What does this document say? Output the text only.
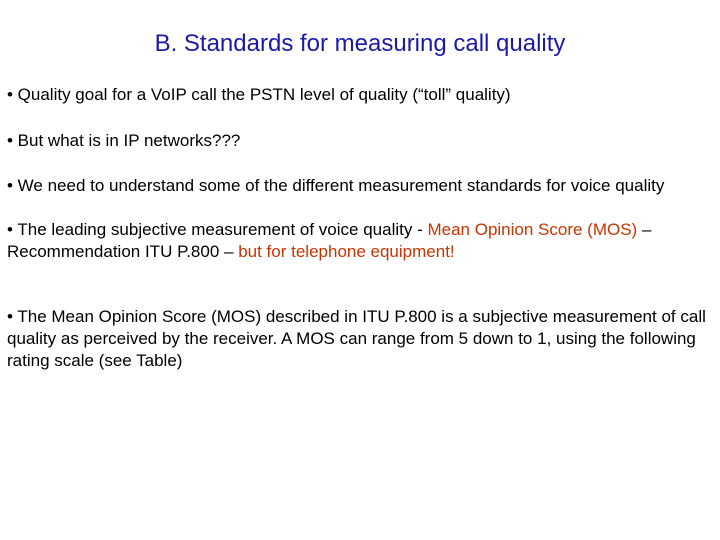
B. Standards for measuring call quality

• Quality goal for a VoIP call the PSTN level of quality (“toll” quality)

• But what is in IP networks???

• We need to understand some of the different measurement standards for voice quality

• The leading subjective measurement of voice quality - Mean Opinion Score (MOS) – Recommendation ITU P.800 – but for telephone equipment!

• The Mean Opinion Score (MOS) described in ITU P.800 is a subjective measurement of call quality as perceived by the receiver. A MOS can range from 5 down to 1, using the following rating scale (see Table)
